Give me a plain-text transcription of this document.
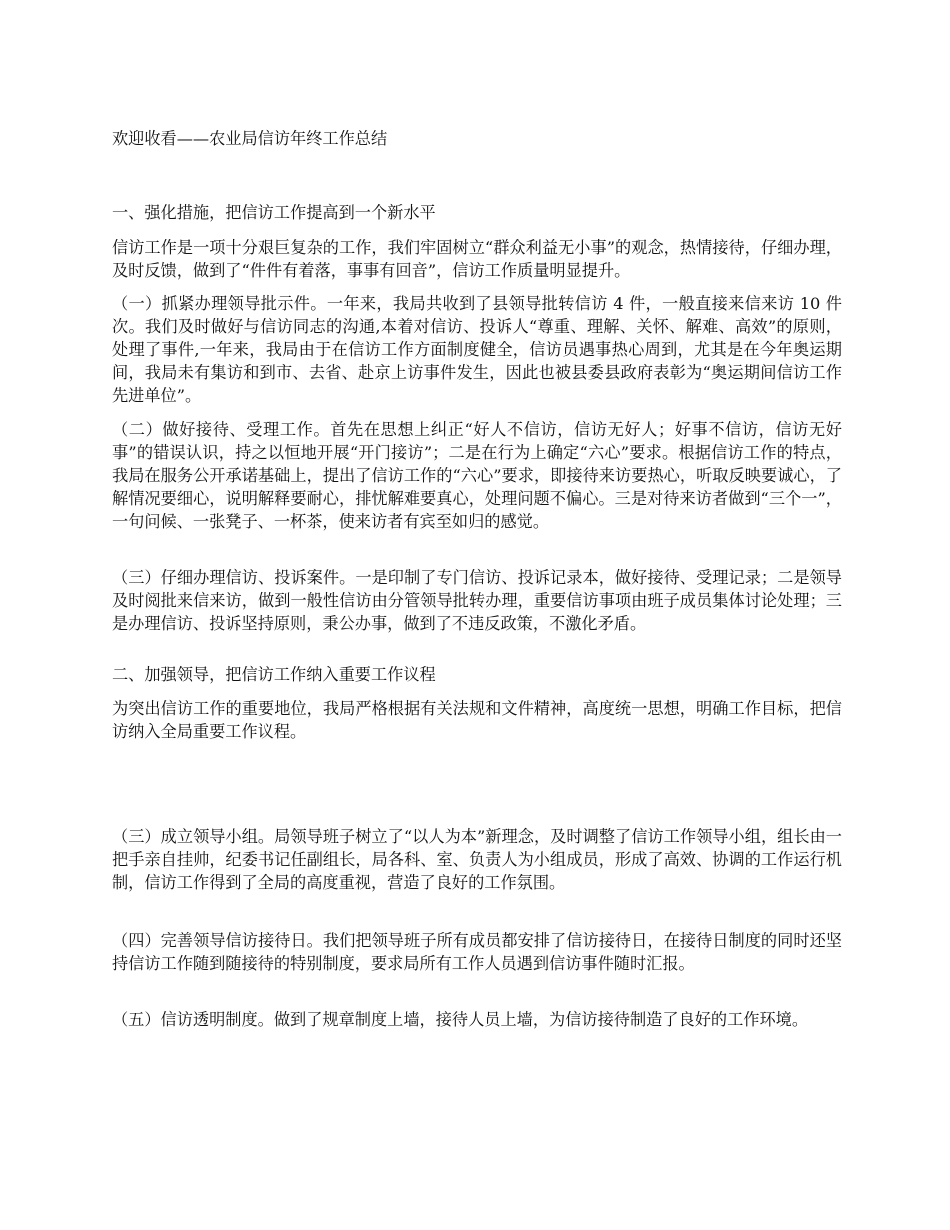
欢迎收看——农业局信访年终工作总结

一、强化措施，把信访工作提高到一个新水平

信访工作是一项十分艰巨复杂的工作，我们牢固树立“群众利益无小事”的观念，热情接待，仔细办理，及时反馈，做到了“件件有着落，事事有回音”，信访工作质量明显提升。

（一）抓紧办理领导批示件。一年来，我局共收到了县领导批转信访 4 件，一般直接来信来访 10 件次。我们及时做好与信访同志的沟通,本着对信访、投诉人“尊重、理解、关怀、解难、高效”的原则，处理了事件,一年来，我局由于在信访工作方面制度健全，信访员遇事热心周到，尤其是在今年奥运期间，我局未有集访和到市、去省、赴京上访事件发生，因此也被县委县政府表彰为“奥运期间信访工作先进单位”。

（二）做好接待、受理工作。首先在思想上纠正“好人不信访，信访无好人；好事不信访，信访无好事”的错误认识，持之以恒地开展“开门接访”；二是在行为上确定“六心”要求。根据信访工作的特点，我局在服务公开承诺基础上，提出了信访工作的“六心”要求，即接待来访要热心，听取反映要诚心，了解情况要细心，说明解释要耐心，排忧解难要真心，处理问题不偏心。三是对待来访者做到“三个一”，一句问候、一张凳子、一杯茶，使来访者有宾至如归的感觉。

（三）仔细办理信访、投诉案件。一是印制了专门信访、投诉记录本，做好接待、受理记录；二是领导及时阅批来信来访，做到一般性信访由分管领导批转办理，重要信访事项由班子成员集体讨论处理；三是办理信访、投诉坚持原则，秉公办事，做到了不违反政策，不激化矛盾。

二、加强领导，把信访工作纳入重要工作议程

为突出信访工作的重要地位，我局严格根据有关法规和文件精神，高度统一思想，明确工作目标，把信访纳入全局重要工作议程。

（三）成立领导小组。局领导班子树立了“以人为本”新理念，及时调整了信访工作领导小组，组长由一把手亲自挂帅，纪委书记任副组长，局各科、室、负责人为小组成员，形成了高效、协调的工作运行机制，信访工作得到了全局的高度重视，营造了良好的工作氛围。

（四）完善领导信访接待日。我们把领导班子所有成员都安排了信访接待日，在接待日制度的同时还坚持信访工作随到随接待的特别制度，要求局所有工作人员遇到信访事件随时汇报。

（五）信访透明制度。做到了规章制度上墙，接待人员上墙，为信访接待制造了良好的工作环境。
